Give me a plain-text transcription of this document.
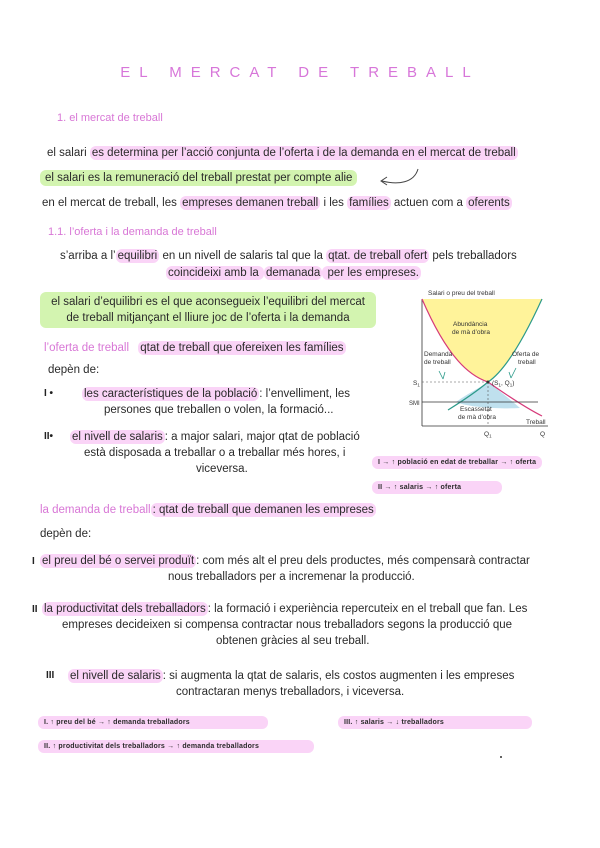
EL MERCAT DE TREBALL
1. el mercat de treball
el salari es determina per l’acció conjunta de l’oferta i de la demanda en el mercat de treball
el salari es la remuneració del treball prestat per compte alie
en el mercat de treball, les empreses demanen treball i les famílies actuen com a oferents
1.1. l’oferta i la demanda de treball
s’arriba a l’ equilibri en un nivell de salaris tal que la qtat. de treball ofert pels treballadors
coincideixi amb la demanada per les empreses.
el salari d’equilibri es el que aconsegueix l’equilibri del mercat
de treball mitjançant el lliure joc de l’oferta i la demanda
Salari o preu del treball
Abundància
de mà d’obra
Demanda
de treball
Oferta de
treball
$S_1$
SMI
($S_1$, $Q_1$)
Escassetat
de mà d’obra
Treball
$Q_1$	Q
l’oferta de treball qtat de treball que ofereixen les famílies
depèn de:
I •	les característiques de la població : l’envelliment, les
persones que treballen o volen, la formació...
II• el nivell de salaris : a major salari, major qtat de població
està disposada a treballar o a treballar més hores, i
viceversa.
I → ↑ població en edat de treballar → ↑ oferta
II → ↑ salaris → ↑ oferta
la demanda de treball : qtat de treball que demanen les empreses
depèn de:
I el preu del bé o servei produït : com més alt el preu dels productes, més compensarà contractar
nous treballadors per a incremenar la producció.
II la productivitat dels treballadors : la formació i experiència repercuteix en el treball que fan. Les
empreses decideixen si compensa contractar nous treballadors segons la producció que
obtenen gràcies al seu treball.
III el nivell de salaris : si augmenta la qtat de salaris, els costos augmenten i les empreses
contractaran menys treballadors, i viceversa.
I. ↑ preu del bé → ↑ demanda treballadors
II. ↑ productivitat dels treballadors → ↑ demanda treballadors
III. ↑ salaris → ↓ treballadors
